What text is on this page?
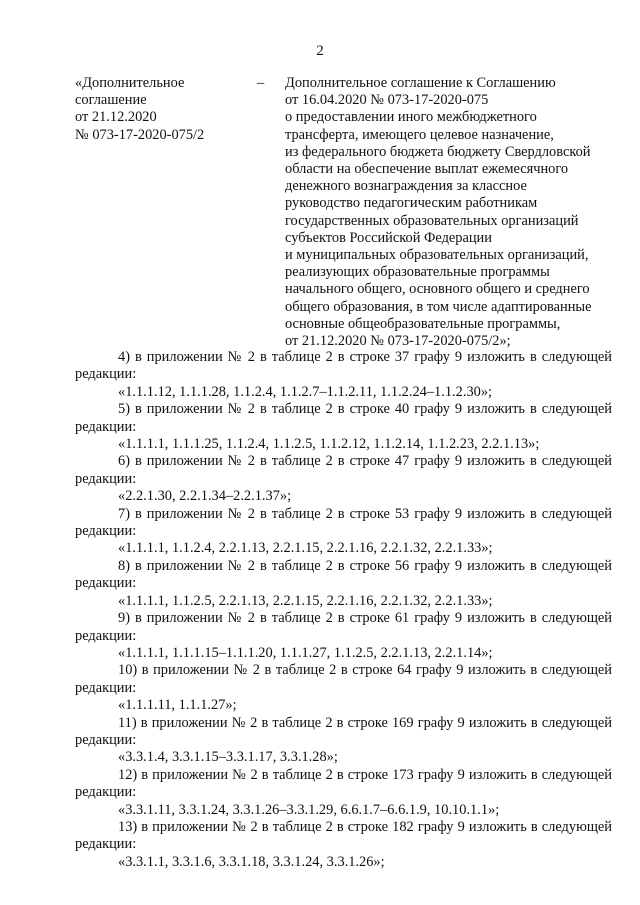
2
«Дополнительное
соглашение
от 21.12.2020
№ 073-17-2020-075/2
– Дополнительное соглашение к Соглашению
от 16.04.2020 № 073-17-2020-075
о предоставлении иного межбюджетного
трансферта, имеющего целевое назначение,
из федерального бюджета бюджету Свердловской
области на обеспечение выплат ежемесячного
денежного вознаграждения за классное
руководство педагогическим работникам
государственных образовательных организаций
субъектов Российской Федерации
и муниципальных образовательных организаций,
реализующих образовательные программы
начального общего, основного общего и среднего
общего образования, в том числе адаптированные
основные общеобразовательные программы,
от 21.12.2020 № 073-17-2020-075/2»;
4) в приложении № 2 в таблице 2 в строке 37 графу 9 изложить в следующей редакции:
«1.1.1.12, 1.1.1.28, 1.1.2.4, 1.1.2.7–1.1.2.11, 1.1.2.24–1.1.2.30»;
5) в приложении № 2 в таблице 2 в строке 40 графу 9 изложить в следующей редакции:
«1.1.1.1, 1.1.1.25, 1.1.2.4, 1.1.2.5, 1.1.2.12, 1.1.2.14, 1.1.2.23, 2.2.1.13»;
6) в приложении № 2 в таблице 2 в строке 47 графу 9 изложить в следующей редакции:
«2.2.1.30, 2.2.1.34–2.2.1.37»;
7) в приложении № 2 в таблице 2 в строке 53 графу 9 изложить в следующей редакции:
«1.1.1.1, 1.1.2.4, 2.2.1.13, 2.2.1.15, 2.2.1.16, 2.2.1.32, 2.2.1.33»;
8) в приложении № 2 в таблице 2 в строке 56 графу 9 изложить в следующей редакции:
«1.1.1.1, 1.1.2.5, 2.2.1.13, 2.2.1.15, 2.2.1.16, 2.2.1.32, 2.2.1.33»;
9) в приложении № 2 в таблице 2 в строке 61 графу 9 изложить в следующей редакции:
«1.1.1.1, 1.1.1.15–1.1.1.20, 1.1.1.27, 1.1.2.5, 2.2.1.13, 2.2.1.14»;
10) в приложении № 2 в таблице 2 в строке 64 графу 9 изложить в следующей редакции:
«1.1.1.11, 1.1.1.27»;
11) в приложении № 2 в таблице 2 в строке 169 графу 9 изложить в следующей редакции:
«3.3.1.4, 3.3.1.15–3.3.1.17, 3.3.1.28»;
12) в приложении № 2 в таблице 2 в строке 173 графу 9 изложить в следующей редакции:
«3.3.1.11, 3.3.1.24, 3.3.1.26–3.3.1.29, 6.6.1.7–6.6.1.9, 10.10.1.1»;
13) в приложении № 2 в таблице 2 в строке 182 графу 9 изложить в следующей редакции:
«3.3.1.1, 3.3.1.6, 3.3.1.18, 3.3.1.24, 3.3.1.26»;
